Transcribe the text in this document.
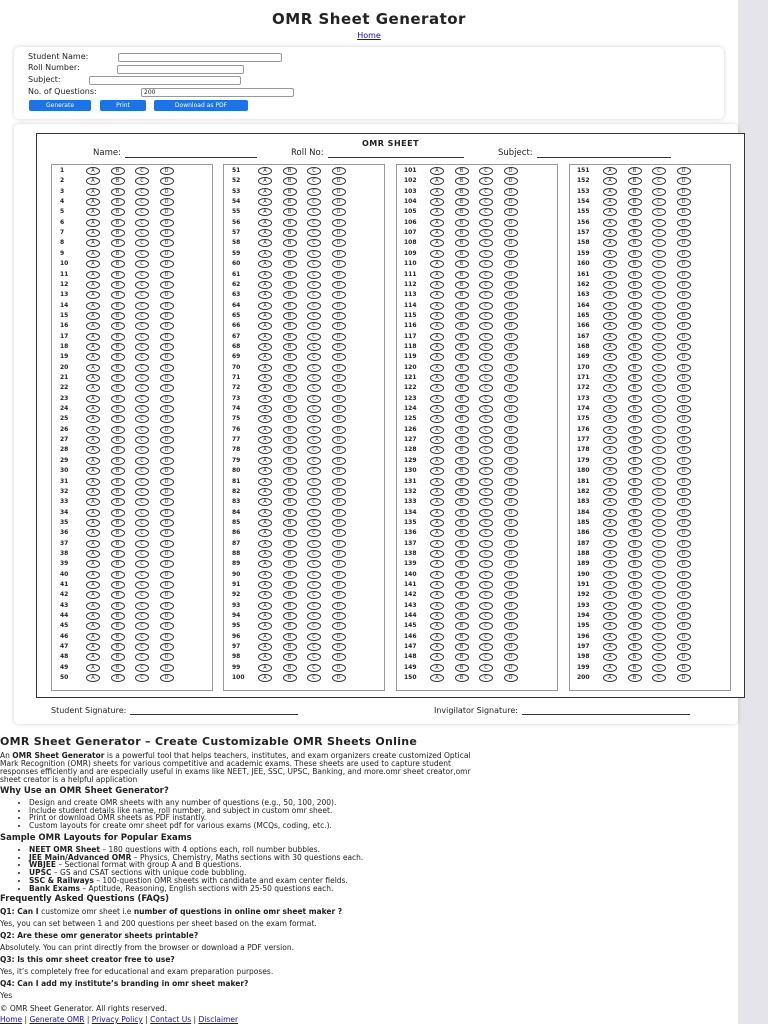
OMR Sheet Generator
Home
Student Name:
Roll Number:
Subject:
No. of Questions:	200
Generate	Print	Download as PDF
OMR SHEET
Name:	Roll No:	Subject:
1	A	B	C	D
2	A	B	C	D
3	A	B	C	D
4	A	B	C	D
5	A	B	C	D
6	A	B	C	D
7	A	B	C	D
8	A	B	C	D
9	A	B	C	D
10	A	B	C	D
11	A	B	C	D
12	A	B	C	D
13	A	B	C	D
14	A	B	C	D
15	A	B	C	D
16	A	B	C	D
17	A	B	C	D
18	A	B	C	D
19	A	B	C	D
20	A	B	C	D
21	A	B	C	D
22	A	B	C	D
23	A	B	C	D
24	A	B	C	D
25	A	B	C	D
26	A	B	C	D
27	A	B	C	D
28	A	B	C	D
29	A	B	C	D
30	A	B	C	D
31	A	B	C	D
32	A	B	C	D
33	A	B	C	D
34	A	B	C	D
35	A	B	C	D
36	A	B	C	D
37	A	B	C	D
38	A	B	C	D
39	A	B	C	D
40	A	B	C	D
41	A	B	C	D
42	A	B	C	D
43	A	B	C	D
44	A	B	C	D
45	A	B	C	D
46	A	B	C	D
47	A	B	C	D
48	A	B	C	D
49	A	B	C	D
50	A	B	C	D
51	A	B	C	D
52	A	B	C	D
53	A	B	C	D
54	A	B	C	D
55	A	B	C	D
56	A	B	C	D
57	A	B	C	D
58	A	B	C	D
59	A	B	C	D
60	A	B	C	D
61	A	B	C	D
62	A	B	C	D
63	A	B	C	D
64	A	B	C	D
65	A	B	C	D
66	A	B	C	D
67	A	B	C	D
68	A	B	C	D
69	A	B	C	D
70	A	B	C	D
71	A	B	C	D
72	A	B	C	D
73	A	B	C	D
74	A	B	C	D
75	A	B	C	D
76	A	B	C	D
77	A	B	C	D
78	A	B	C	D
79	A	B	C	D
80	A	B	C	D
81	A	B	C	D
82	A	B	C	D
83	A	B	C	D
84	A	B	C	D
85	A	B	C	D
86	A	B	C	D
87	A	B	C	D
88	A	B	C	D
89	A	B	C	D
90	A	B	C	D
91	A	B	C	D
92	A	B	C	D
93	A	B	C	D
94	A	B	C	D
95	A	B	C	D
96	A	B	C	D
97	A	B	C	D
98	A	B	C	D
99	A	B	C	D
100	A	B	C	D
101	A	B	C	D
102	A	B	C	D
103	A	B	C	D
104	A	B	C	D
105	A	B	C	D
106	A	B	C	D
107	A	B	C	D
108	A	B	C	D
109	A	B	C	D
110	A	B	C	D
111	A	B	C	D
112	A	B	C	D
113	A	B	C	D
114	A	B	C	D
115	A	B	C	D
116	A	B	C	D
117	A	B	C	D
118	A	B	C	D
119	A	B	C	D
120	A	B	C	D
121	A	B	C	D
122	A	B	C	D
123	A	B	C	D
124	A	B	C	D
125	A	B	C	D
126	A	B	C	D
127	A	B	C	D
128	A	B	C	D
129	A	B	C	D
130	A	B	C	D
131	A	B	C	D
132	A	B	C	D
133	A	B	C	D
134	A	B	C	D
135	A	B	C	D
136	A	B	C	D
137	A	B	C	D
138	A	B	C	D
139	A	B	C	D
140	A	B	C	D
141	A	B	C	D
142	A	B	C	D
143	A	B	C	D
144	A	B	C	D
145	A	B	C	D
146	A	B	C	D
147	A	B	C	D
148	A	B	C	D
149	A	B	C	D
150	A	B	C	D
151	A	B	C	D
152	A	B	C	D
153	A	B	C	D
154	A	B	C	D
155	A	B	C	D
156	A	B	C	D
157	A	B	C	D
158	A	B	C	D
159	A	B	C	D
160	A	B	C	D
161	A	B	C	D
162	A	B	C	D
163	A	B	C	D
164	A	B	C	D
165	A	B	C	D
166	A	B	C	D
167	A	B	C	D
168	A	B	C	D
169	A	B	C	D
170	A	B	C	D
171	A	B	C	D
172	A	B	C	D
173	A	B	C	D
174	A	B	C	D
175	A	B	C	D
176	A	B	C	D
177	A	B	C	D
178	A	B	C	D
179	A	B	C	D
180	A	B	C	D
181	A	B	C	D
182	A	B	C	D
183	A	B	C	D
184	A	B	C	D
185	A	B	C	D
186	A	B	C	D
187	A	B	C	D
188	A	B	C	D
189	A	B	C	D
190	A	B	C	D
191	A	B	C	D
192	A	B	C	D
193	A	B	C	D
194	A	B	C	D
195	A	B	C	D
196	A	B	C	D
197	A	B	C	D
198	A	B	C	D
199	A	B	C	D
200	A	B	C	D
Student Signature:	Invigilator Signature:
OMR Sheet Generator – Create Customizable OMR Sheets Online
An OMR Sheet Generator is a powerful tool that helps teachers, institutes, and exam organizers create customized Optical
Mark Recognition (OMR) sheets for various competitive and academic exams. These sheets are used to capture student
responses efficiently and are especially useful in exams like NEET, JEE, SSC, UPSC, Banking, and more.omr sheet creator,omr
sheet creator is a helpful application
Why Use an OMR Sheet Generator?
• Design and create OMR sheets with any number of questions (e.g., 50, 100, 200).
• Include student details like name, roll number, and subject in custom omr sheet.
• Print or download OMR sheets as PDF instantly.
• Custom layouts for create omr sheet pdf for various exams (MCQs, coding, etc.).
Sample OMR Layouts for Popular Exams
• NEET OMR Sheet – 180 questions with 4 options each, roll number bubbles.
• JEE Main/Advanced OMR – Physics, Chemistry, Maths sections with 30 questions each.
• WBJEE – Sectional format with group A and B questions.
• UPSC – GS and CSAT sections with unique code bubbling.
• SSC & Railways – 100-question OMR sheets with candidate and exam center fields.
• Bank Exams – Aptitude, Reasoning, English sections with 25-50 questions each.
Frequently Asked Questions (FAQs)
Q1: Can I customize omr sheet i.e number of questions in online omr sheet maker ?
Yes, you can set between 1 and 200 questions per sheet based on the exam format.
Q2: Are these omr generator sheets printable?
Absolutely. You can print directly from the browser or download a PDF version.
Q3: Is this omr sheet creator free to use?
Yes, it’s completely free for educational and exam preparation purposes.
Q4: Can I add my institute’s branding in omr sheet maker?
Yes
© OMR Sheet Generator. All rights reserved.
Home | Generate OMR | Privacy Policy | Contact Us | Disclaimer
